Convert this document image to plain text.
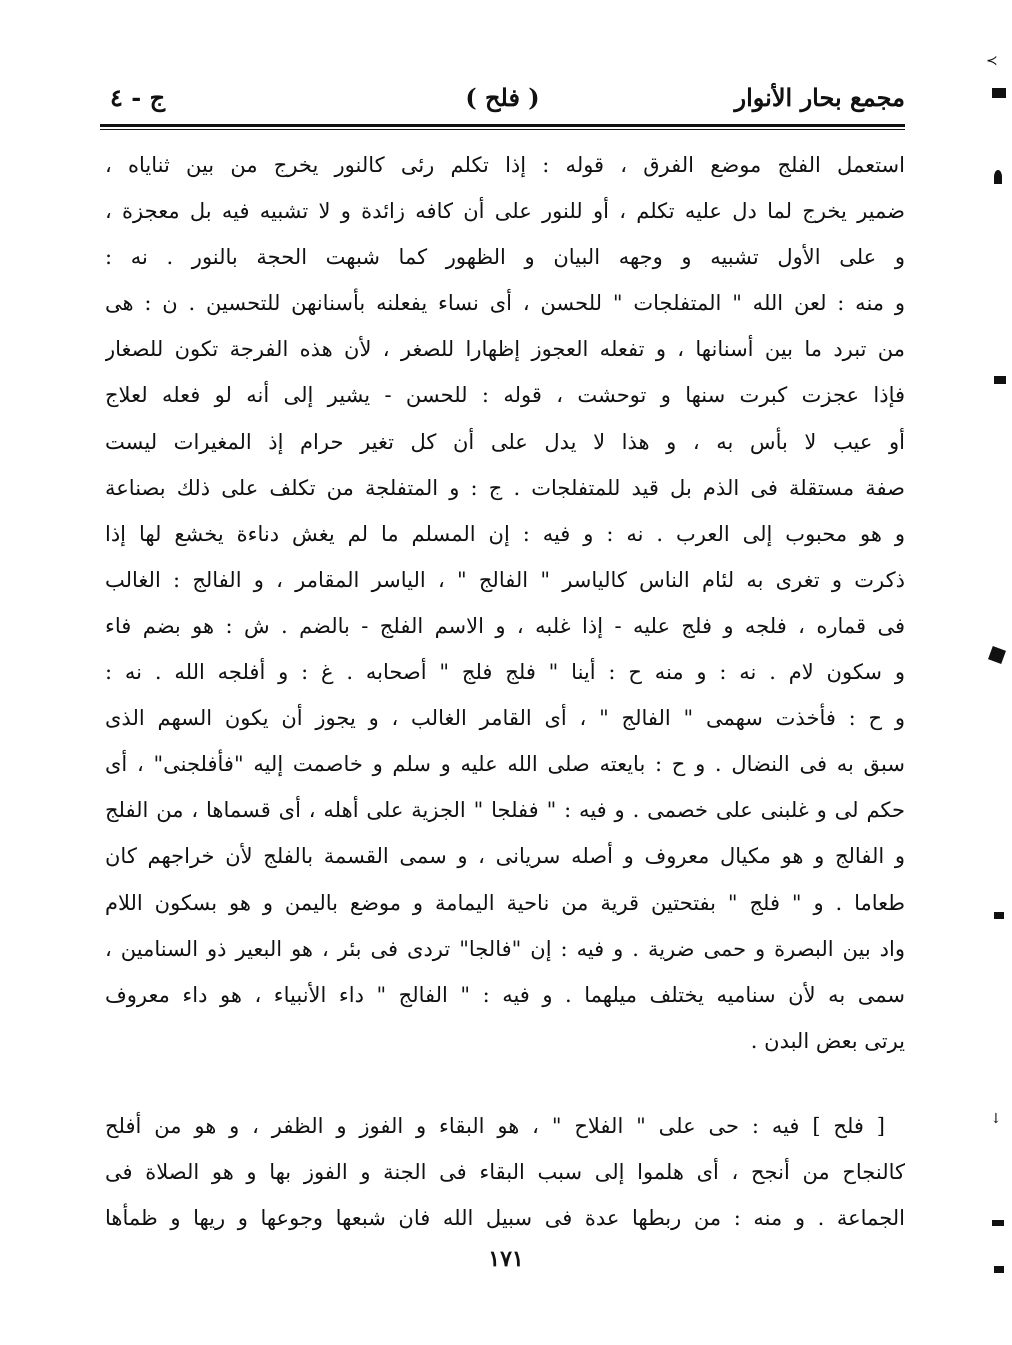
مجمع بحار الأنوار
( فلح )
ج - ٤
استعمل الفلج موضع الفرق ، قوله : إذا تكلم رئى كالنور يخرج من بين ثناياه ،
ضمير يخرج لما دل عليه تكلم ، أو للنور على أن كافه زائدة و لا تشبيه فيه بل معجزة ،
و على الأول تشبيه و وجهه البيان و الظهور كما شبهت الحجة بالنور . نه :
و منه : لعن الله " المتفلجات " للحسن ، أى نساء يفعلنه بأسنانهن للتحسين . ن : هى
من تبرد ما بين أسنانها ، و تفعله العجوز إظهارا للصغر ، لأن هذه الفرجة تكون للصغار
فإذا عجزت كبرت سنها و توحشت ، قوله : للحسن - يشير إلى أنه لو فعله لعلاج
أو عيب لا بأس به ، و هذا لا يدل على أن كل تغير حرام إذ المغيرات ليست
صفة مستقلة فى الذم بل قيد للمتفلجات . ج : و المتفلجة من تكلف على ذلك بصناعة
و هو محبوب إلى العرب . نه : و فيه : إن المسلم ما لم يغش دناءة يخشع لها إذا
ذكرت و تغرى به لئام الناس كالياسر " الفالج " ، الياسر المقامر ، و الفالج : الغالب
فى قماره ، فلجه و فلج عليه - إذا غلبه ، و الاسم الفلج - بالضم . ش : هو بضم فاء
و سكون لام . نه : و منه ح : أينا " فلج فلج " أصحابه . غ : و أفلجه الله . نه :
و ح : فأخذت سهمى " الفالج " ، أى القامر الغالب ، و يجوز أن يكون السهم الذى
سبق به فى النضال . و ح : بايعته صلى الله عليه و سلم و خاصمت إليه "فأفلجنى" ، أى
حكم لى و غلبنى على خصمى . و فيه : " ففلجا " الجزية على أهله ، أى قسماها ، من الفلج
و الفالج و هو مكيال معروف و أصله سريانى ، و سمى القسمة بالفلج لأن خراجهم كان
طعاما . و " فلج " بفتحتين قرية من ناحية اليمامة و موضع باليمن و هو بسكون اللام
واد بين البصرة و حمى ضرية . و فيه : إن "فالجا" تردى فى بئر ، هو البعير ذو السنامين ،
سمى به لأن سناميه يختلف ميلهما . و فيه : " الفالج " داء الأنبياء ، هو داء معروف
يرتى بعض البدن .
[ فلح ] فيه : حى على " الفلاح " ، هو البقاء و الفوز و الظفر ، و هو من أفلح
كالنجاح من أنجح ، أى هلموا إلى سبب البقاء فى الجنة و الفوز بها و هو الصلاة فى
الجماعة . و منه : من ربطها عدة فى سبيل الله فان شبعها وجوعها و ريها و ظمأها
١٧١
≺
↓
